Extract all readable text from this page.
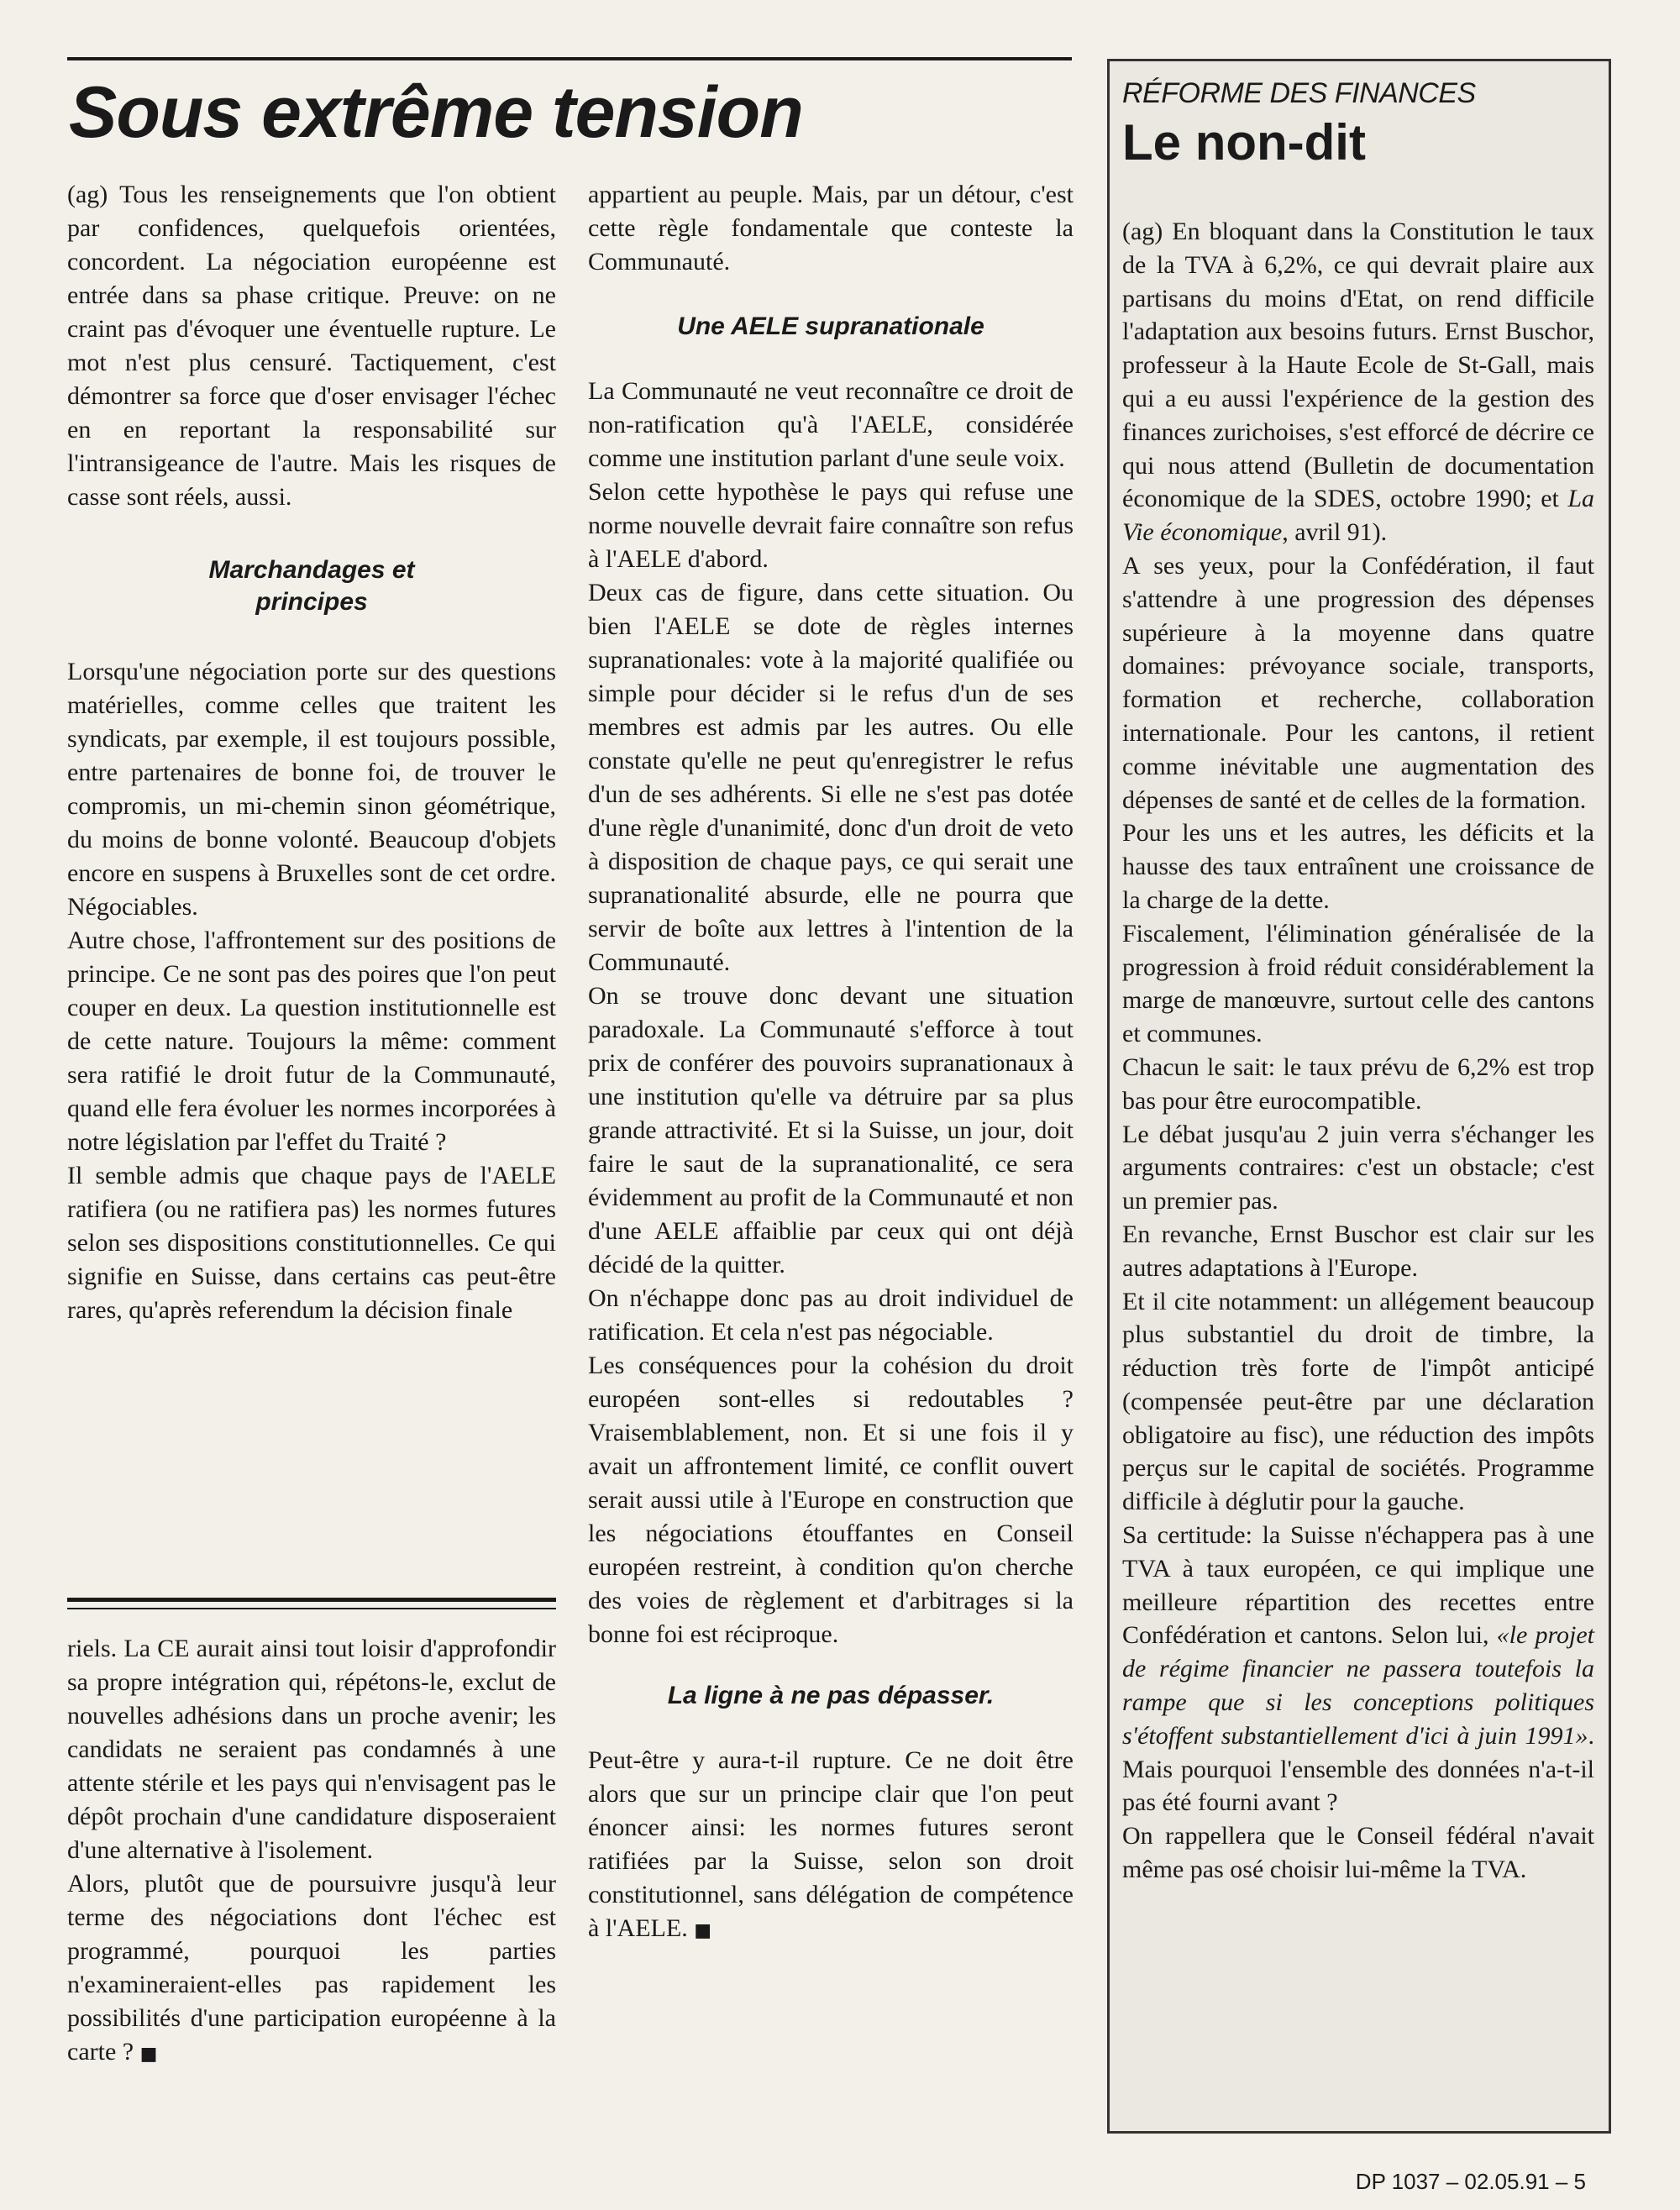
Sous extrême tension

(ag) Tous les renseignements que l'on obtient par confidences, quelquefois orientées, concordent. La négociation européenne est entrée dans sa phase critique. Preuve: on ne craint pas d'évoquer une éventuelle rupture. Le mot n'est plus censuré. Tactiquement, c'est démontrer sa force que d'oser envisager l'échec en en reportant la responsabilité sur l'intransigeance de l'autre. Mais les risques de casse sont réels, aussi.

Marchandages et principes

Lorsqu'une négociation porte sur des questions matérielles, comme celles que traitent les syndicats, par exemple, il est toujours possible, entre partenaires de bonne foi, de trouver le compromis, un mi-chemin sinon géométrique, du moins de bonne volonté. Beaucoup d'objets encore en suspens à Bruxelles sont de cet ordre. Négociables.

Autre chose, l'affrontement sur des positions de principe. Ce ne sont pas des poires que l'on peut couper en deux. La question institutionnelle est de cette nature. Toujours la même: comment sera ratifié le droit futur de la Communauté, quand elle fera évoluer les normes incorporées à notre législation par l'effet du Traité ?

Il semble admis que chaque pays de l'AELE ratifiera (ou ne ratifiera pas) les normes futures selon ses dispositions constitutionnelles. Ce qui signifie en Suisse, dans certains cas peut-être rares, qu'après referendum la décision finale

riels. La CE aurait ainsi tout loisir d'approfondir sa propre intégration qui, répétons-le, exclut de nouvelles adhésions dans un proche avenir; les candidats ne seraient pas condamnés à une attente stérile et les pays qui n'envisagent pas le dépôt prochain d'une candidature disposeraient d'une alternative à l'isolement.

Alors, plutôt que de poursuivre jusqu'à leur terme des négociations dont l'échec est programmé, pourquoi les parties n'examineraient-elles pas rapidement les possibilités d'une participation européenne à la carte ? ■

appartient au peuple. Mais, par un détour, c'est cette règle fondamentale que conteste la Communauté.

Une AELE supranationale

La Communauté ne veut reconnaître ce droit de non-ratification qu'à l'AELE, considérée comme une institution parlant d'une seule voix.

Selon cette hypothèse le pays qui refuse une norme nouvelle devrait faire connaître son refus à l'AELE d'abord.

Deux cas de figure, dans cette situation. Ou bien l'AELE se dote de règles internes supranationales: vote à la majorité qualifiée ou simple pour décider si le refus d'un de ses membres est admis par les autres. Ou elle constate qu'elle ne peut qu'enregistrer le refus d'un de ses adhérents. Si elle ne s'est pas dotée d'une règle d'unanimité, donc d'un droit de veto à disposition de chaque pays, ce qui serait une supranationalité absurde, elle ne pourra que servir de boîte aux lettres à l'intention de la Communauté.

On se trouve donc devant une situation paradoxale. La Communauté s'efforce à tout prix de conférer des pouvoirs supranationaux à une institution qu'elle va détruire par sa plus grande attractivité. Et si la Suisse, un jour, doit faire le saut de la supranationalité, ce sera évidemment au profit de la Communauté et non d'une AELE affaiblie par ceux qui ont déjà décidé de la quitter.

On n'échappe donc pas au droit individuel de ratification. Et cela n'est pas négociable.

Les conséquences pour la cohésion du droit européen sont-elles si redoutables ? Vraisemblablement, non. Et si une fois il y avait un affrontement limité, ce conflit ouvert serait aussi utile à l'Europe en construction que les négociations étouffantes en Conseil européen restreint, à condition qu'on cherche des voies de règlement et d'arbitrages si la bonne foi est réciproque.

La ligne à ne pas dépasser.

Peut-être y aura-t-il rupture. Ce ne doit être alors que sur un principe clair que l'on peut énoncer ainsi: les normes futures seront ratifiées par la Suisse, selon son droit constitutionnel, sans délégation de compétence à l'AELE. ■

RÉFORME DES FINANCES
Le non-dit

(ag) En bloquant dans la Constitution le taux de la TVA à 6,2%, ce qui devrait plaire aux partisans du moins d'Etat, on rend difficile l'adaptation aux besoins futurs. Ernst Buschor, professeur à la Haute Ecole de St-Gall, mais qui a eu aussi l'expérience de la gestion des finances zurichoises, s'est efforcé de décrire ce qui nous attend (Bulletin de documentation économique de la SDES, octobre 1990; et La Vie économique, avril 91).

A ses yeux, pour la Confédération, il faut s'attendre à une progression des dépenses supérieure à la moyenne dans quatre domaines: prévoyance sociale, transports, formation et recherche, collaboration internationale. Pour les cantons, il retient comme inévitable une augmentation des dépenses de santé et de celles de la formation.

Pour les uns et les autres, les déficits et la hausse des taux entraînent une croissance de la charge de la dette.

Fiscalement, l'élimination généralisée de la progression à froid réduit considérablement la marge de manœuvre, surtout celle des cantons et communes.

Chacun le sait: le taux prévu de 6,2% est trop bas pour être eurocompatible.

Le débat jusqu'au 2 juin verra s'échanger les arguments contraires: c'est un obstacle; c'est un premier pas.

En revanche, Ernst Buschor est clair sur les autres adaptations à l'Europe.

Et il cite notamment: un allégement beaucoup plus substantiel du droit de timbre, la réduction très forte de l'impôt anticipé (compensée peut-être par une déclaration obligatoire au fisc), une réduction des impôts perçus sur le capital de sociétés. Programme difficile à déglutir pour la gauche.

Sa certitude: la Suisse n'échappera pas à une TVA à taux européen, ce qui implique une meilleure répartition des recettes entre Confédération et cantons. Selon lui, «le projet de régime financier ne passera toutefois la rampe que si les conceptions politiques s'étoffent substantiellement d'ici à juin 1991». Mais pourquoi l'ensemble des données n'a-t-il pas été fourni avant ?

On rappellera que le Conseil fédéral n'avait même pas osé choisir lui-même la TVA.

DP 1037 – 02.05.91 – 5
